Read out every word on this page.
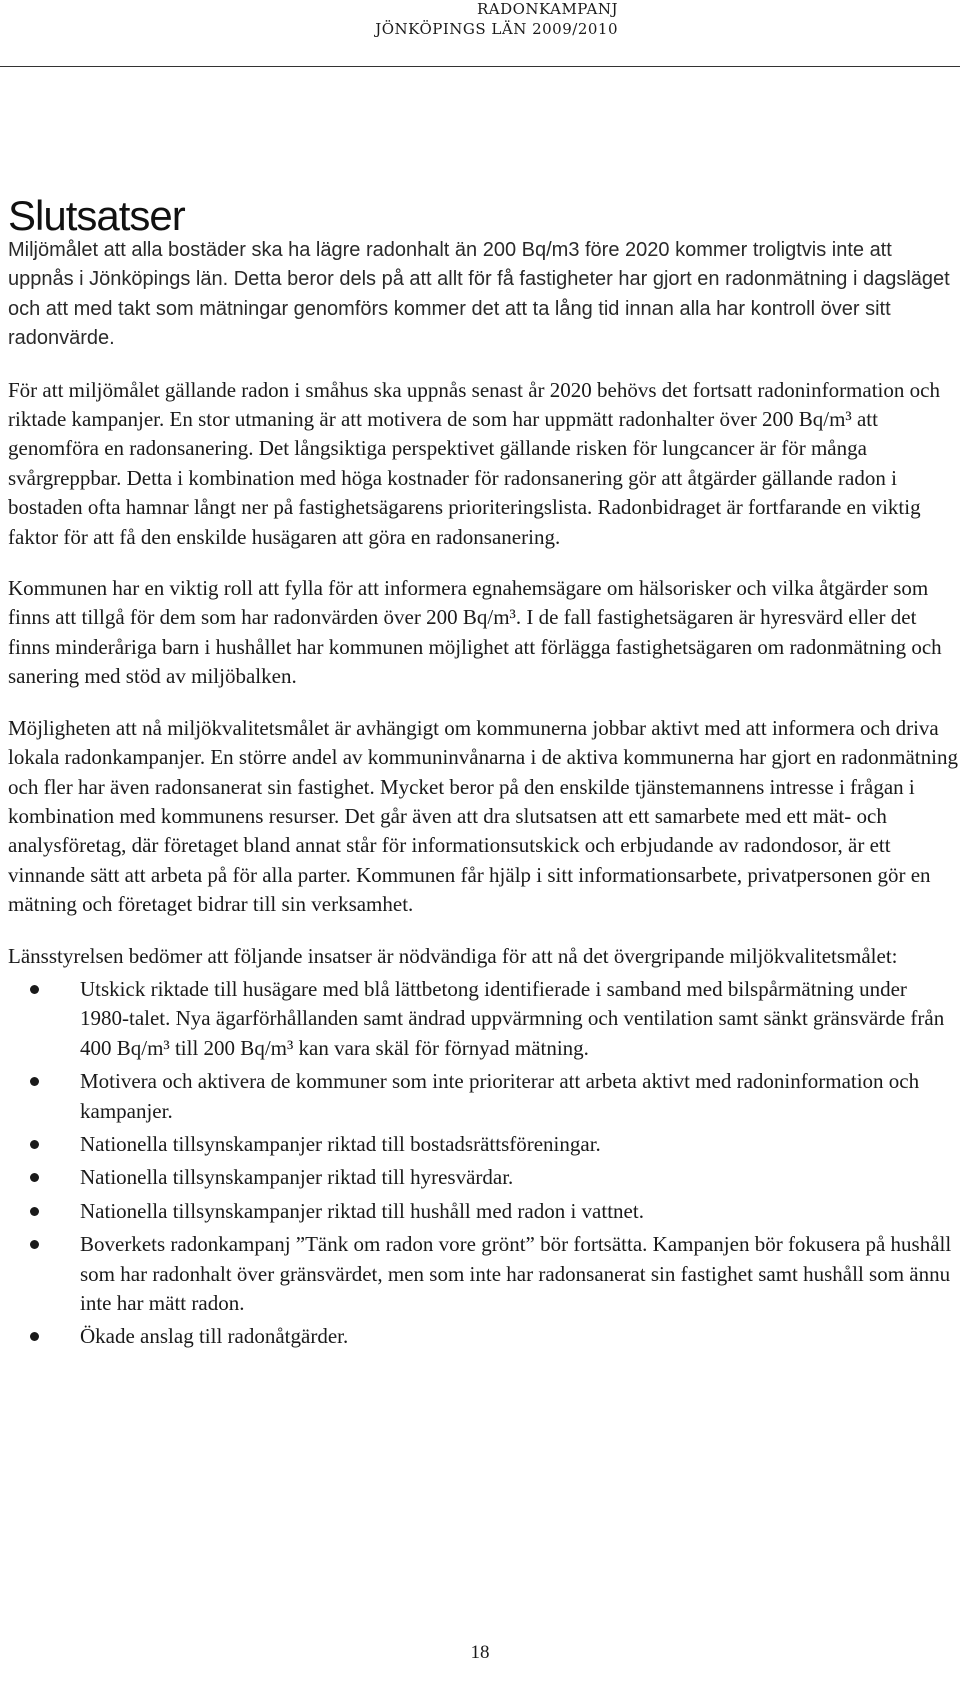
RADONKAMPANJ
JÖNKÖPINGS LÄN 2009/2010
Slutsatser

Miljömålet att alla bostäder ska ha lägre radonhalt än 200 Bq/m3 före 2020 kommer troligtvis inte att uppnås i Jönköpings län. Detta beror dels på att allt för få fastigheter har gjort en radonmätning i dagsläget och att med takt som mätningar genomförs kommer det att ta lång tid innan alla har kontroll över sitt radonvärde.

För att miljömålet gällande radon i småhus ska uppnås senast år 2020 behövs det fortsatt radoninformation och riktade kampanjer. En stor utmaning är att motivera de som har uppmätt radonhalter över 200 Bq/m³ att genomföra en radonsanering. Det långsiktiga perspektivet gällande risken för lungcancer är för många svårgreppbar. Detta i kombination med höga kostnader för radonsanering gör att åtgärder gällande radon i bostaden ofta hamnar långt ner på fastighetsägarens prioriteringslista. Radonbidraget är fortfarande en viktig faktor för att få den enskilde husägaren att göra en radonsanering.

Kommunen har en viktig roll att fylla för att informera egnahemsägare om hälsorisker och vilka åtgärder som finns att tillgå för dem som har radonvärden över 200 Bq/m³. I de fall fastighetsägaren är hyresvärd eller det finns minderåriga barn i hushållet har kommunen möjlighet att förlägga fastighetsägaren om radonmätning och sanering med stöd av miljöbalken.

Möjligheten att nå miljökvalitetsmålet är avhängigt om kommunerna jobbar aktivt med att informera och driva lokala radonkampanjer. En större andel av kommuninvånarna i de aktiva kommunerna har gjort en radonmätning och fler har även radonsanerat sin fastighet. Mycket beror på den enskilde tjänstemannens intresse i frågan i kombination med kommunens resurser. Det går även att dra slutsatsen att ett samarbete med ett mät- och analysföretag, där företaget bland annat står för informationsutskick och erbjudande av radondosor, är ett vinnande sätt att arbeta på för alla parter. Kommunen får hjälp i sitt informationsarbete, privatpersonen gör en mätning och företaget bidrar till sin verksamhet.

Länsstyrelsen bedömer att följande insatser är nödvändiga för att nå det övergripande miljökvalitetsmålet:

Utskick riktade till husägare med blå lättbetong identifierade i samband med bilspårmätning under 1980-talet. Nya ägarförhållanden samt ändrad uppvärmning och ventilation samt sänkt gränsvärde från 400 Bq/m³ till 200 Bq/m³ kan vara skäl för förnyad mätning.
Motivera och aktivera de kommuner som inte prioriterar att arbeta aktivt med radoninformation och kampanjer.
Nationella tillsynskampanjer riktad till bostadsrättsföreningar.
Nationella tillsynskampanjer riktad till hyresvärdar.
Nationella tillsynskampanjer riktad till hushåll med radon i vattnet.
Boverkets radonkampanj ”Tänk om radon vore grönt” bör fortsätta. Kampanjen bör fokusera på hushåll som har radonhalt över gränsvärdet, men som inte har radonsanerat sin fastighet samt hushåll som ännu inte har mätt radon.
Ökade anslag till radonåtgärder.
18
